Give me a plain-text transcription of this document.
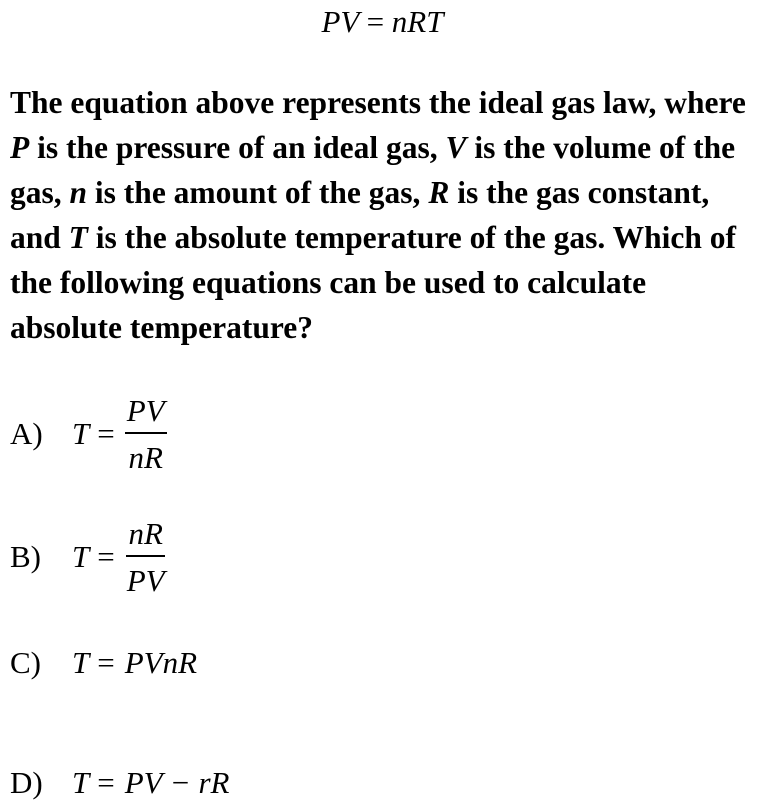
PV = nRT
The equation above represents the ideal gas law, where P is the pressure of an ideal gas, V is the volume of the gas, n is the amount of the gas, R is the gas constant, and T is the absolute temperature of the gas. Which of the following equations can be used to calculate absolute temperature?
A) $T = \frac{PV}{nR}$
B)	$T = \frac{nR}{PV}$
C)	T = PVnR
D) T = PV − rR
